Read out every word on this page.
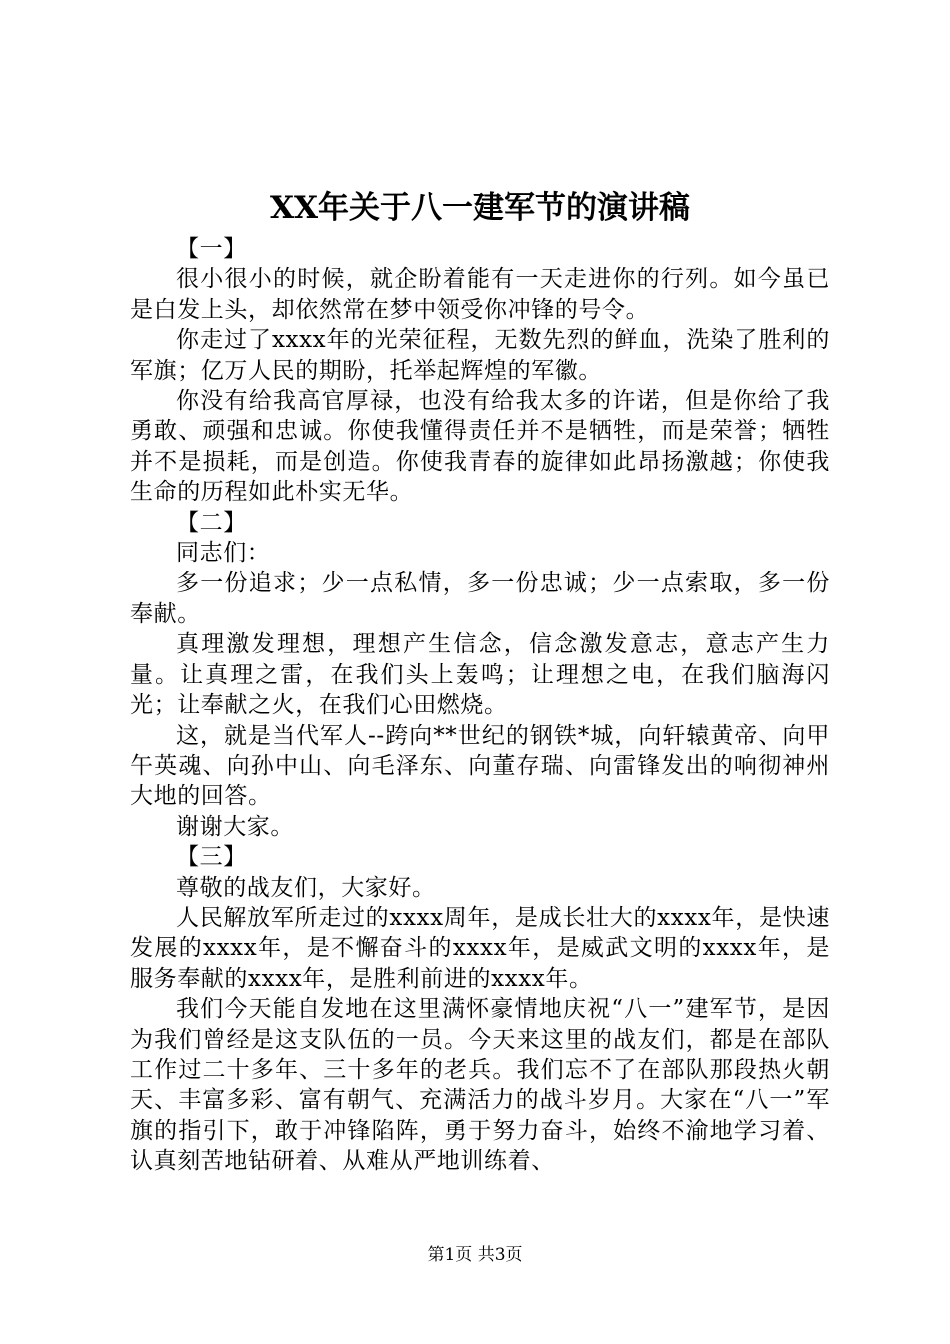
XX年关于八一建军节的演讲稿

【一】

很小很小的时候，就企盼着能有一天走进你的行列。如今虽已是白发上头，却依然常在梦中领受你冲锋的号令。

你走过了xxxx年的光荣征程，无数先烈的鲜血，洗染了胜利的军旗；亿万人民的期盼，托举起辉煌的军徽。

你没有给我高官厚禄，也没有给我太多的许诺，但是你给了我勇敢、顽强和忠诚。你使我懂得责任并不是牺牲，而是荣誉；牺牲并不是损耗，而是创造。你使我青春的旋律如此昂扬激越；你使我生命的历程如此朴实无华。

【二】

同志们：

多一份追求；少一点私情，多一份忠诚；少一点索取，多一份奉献。

真理激发理想，理想产生信念，信念激发意志，意志产生力量。让真理之雷，在我们头上轰鸣；让理想之电，在我们脑海闪光；让奉献之火，在我们心田燃烧。

这，就是当代军人--跨向**世纪的钢铁*城，向轩辕黄帝、向甲午英魂、向孙中山、向毛泽东、向董存瑞、向雷锋发出的响彻神州大地的回答。

谢谢大家。

【三】

尊敬的战友们，大家好。

人民解放军所走过的xxxx周年，是成长壮大的xxxx年，是快速发展的xxxx年，是不懈奋斗的xxxx年，是威武文明的xxxx年，是服务奉献的xxxx年，是胜利前进的xxxx年。

我们今天能自发地在这里满怀豪情地庆祝“八一”建军节，是因为我们曾经是这支队伍的一员。今天来这里的战友们，都是在部队工作过二十多年、三十多年的老兵。我们忘不了在部队那段热火朝天、丰富多彩、富有朝气、充满活力的战斗岁月。大家在“八一”军旗的指引下，敢于冲锋陷阵，勇于努力奋斗，始终不渝地学习着、认真刻苦地钻研着、从难从严地训练着、

第1页 共3页
